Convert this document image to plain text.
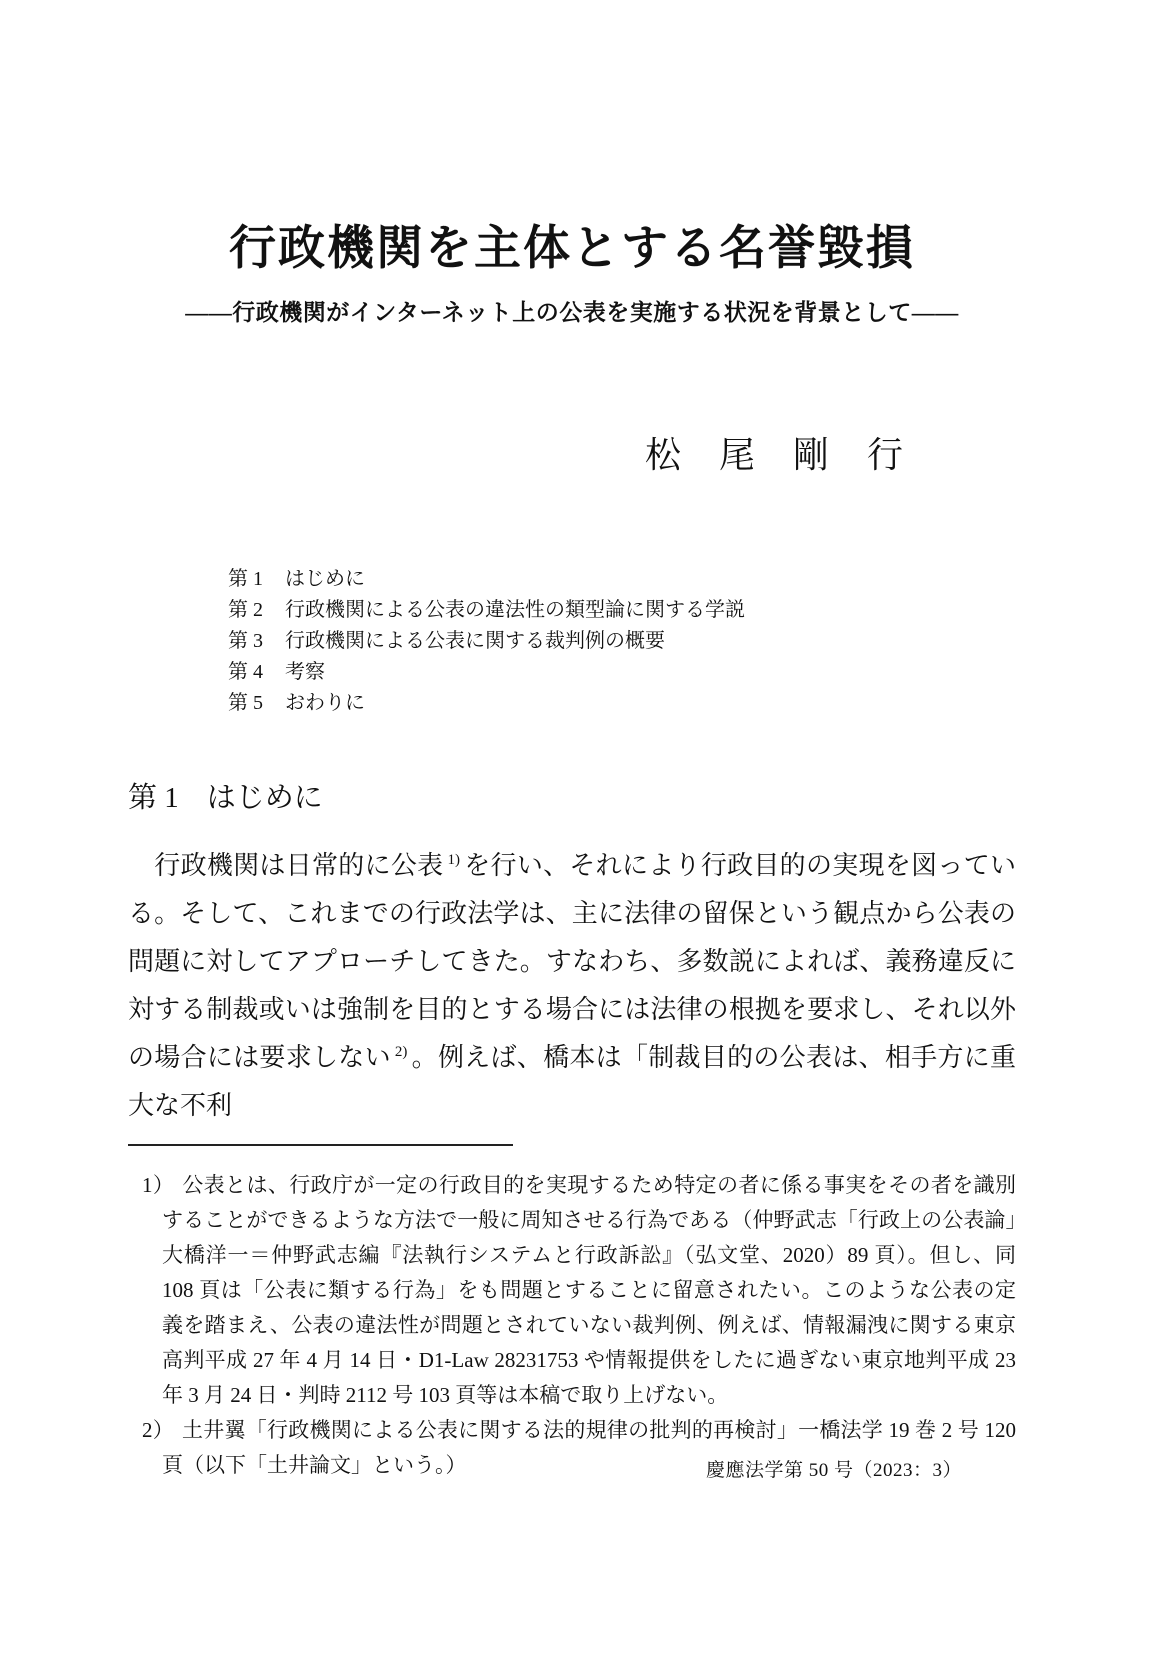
行政機関を主体とする名誉毀損
——行政機関がインターネット上の公表を実施する状況を背景として——
松　尾　剛　行
第 1 はじめに
第 2 行政機関による公表の違法性の類型論に関する学説
第 3 行政機関による公表に関する裁判例の概要
第 4 考察
第 5 おわりに
第 1 はじめに

　行政機関は日常的に公表 $^{1)}$ を行い、それにより行政目的の実現を図っている。そして、これまでの行政法学は、主に法律の留保という観点から公表の問題に対してアプローチしてきた。すなわち、多数説によれば、義務違反に対する制裁或いは強制を目的とする場合には法律の根拠を要求し、それ以外の場合には要求しない $^{2)}$ 。例えば、橋本は「制裁目的の公表は、相手方に重大な不利

1） 公表とは、行政庁が一定の行政目的を実現するため特定の者に係る事実をその者を識別することができるような方法で一般に周知させる行為である（仲野武志「行政上の公表論」大橋洋一＝仲野武志編『法執行システムと行政訴訟』（弘文堂、2020）89 頁）。但し、同 108 頁は「公表に類する行為」をも問題とすることに留意されたい。このような公表の定義を踏まえ、公表の違法性が問題とされていない裁判例、例えば、情報漏洩に関する東京高判平成 27 年 4 月 14 日・D1-Law 28231753 や情報提供をしたに過ぎない東京地判平成 23 年 3 月 24 日・判時 2112 号 103 頁等は本稿で取り上げない。

2） 土井翼「行政機関による公表に関する法的規律の批判的再検討」一橋法学 19 巻 2 号 120 頁（以下「土井論文」という。）	慶應法学第 50 号（2023：3）
